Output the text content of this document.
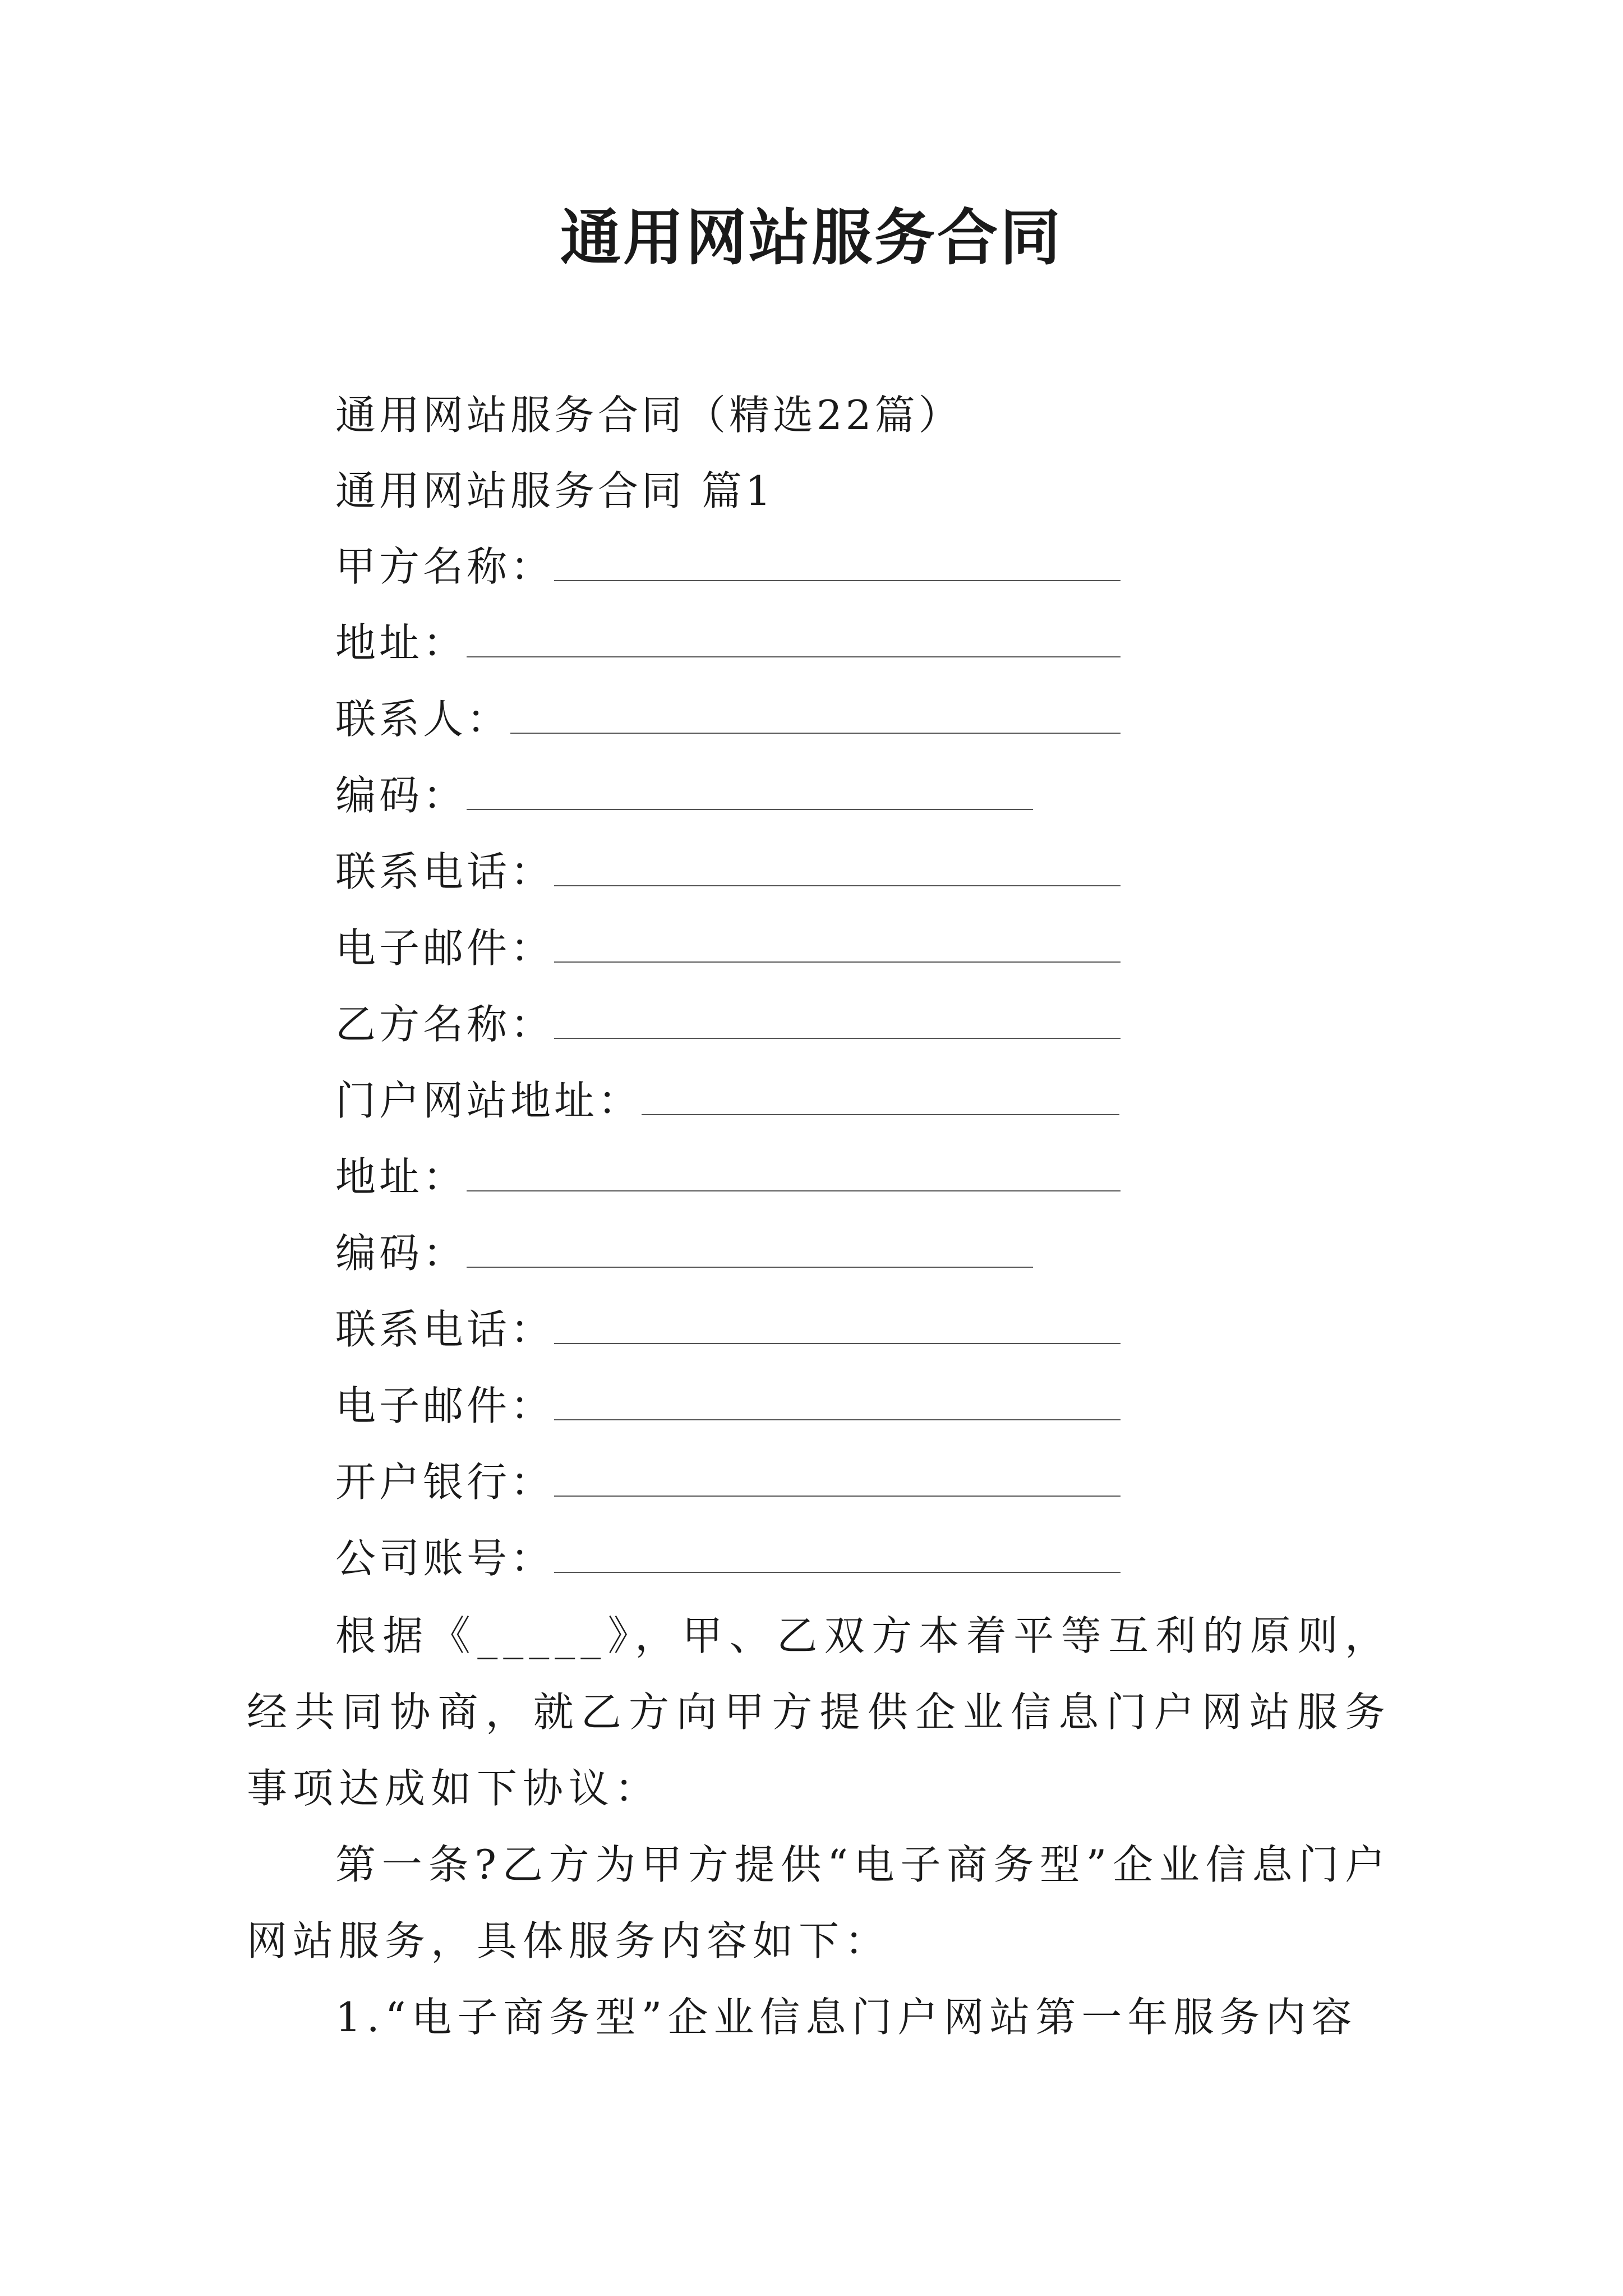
通用网站服务合同
通用网站服务合同（精选22篇）
通用网站服务合同 篇1
甲方名称：
地址：
联系人：
编码：
联系电话：
电子邮件：
乙方名称：
门户网站地址：
地址：
编码：
联系电话：
电子邮件：
开户银行：
公司账号：
根据《_____》，甲、乙双方本着平等互利的原则，经共同协商，就乙方向甲方提供企业信息门户网站服务事项达成如下协议：
第一条?乙方为甲方提供“电子商务型”企业信息门户网站服务，具体服务内容如下：
1.“电子商务型”企业信息门户网站第一年服务内容
